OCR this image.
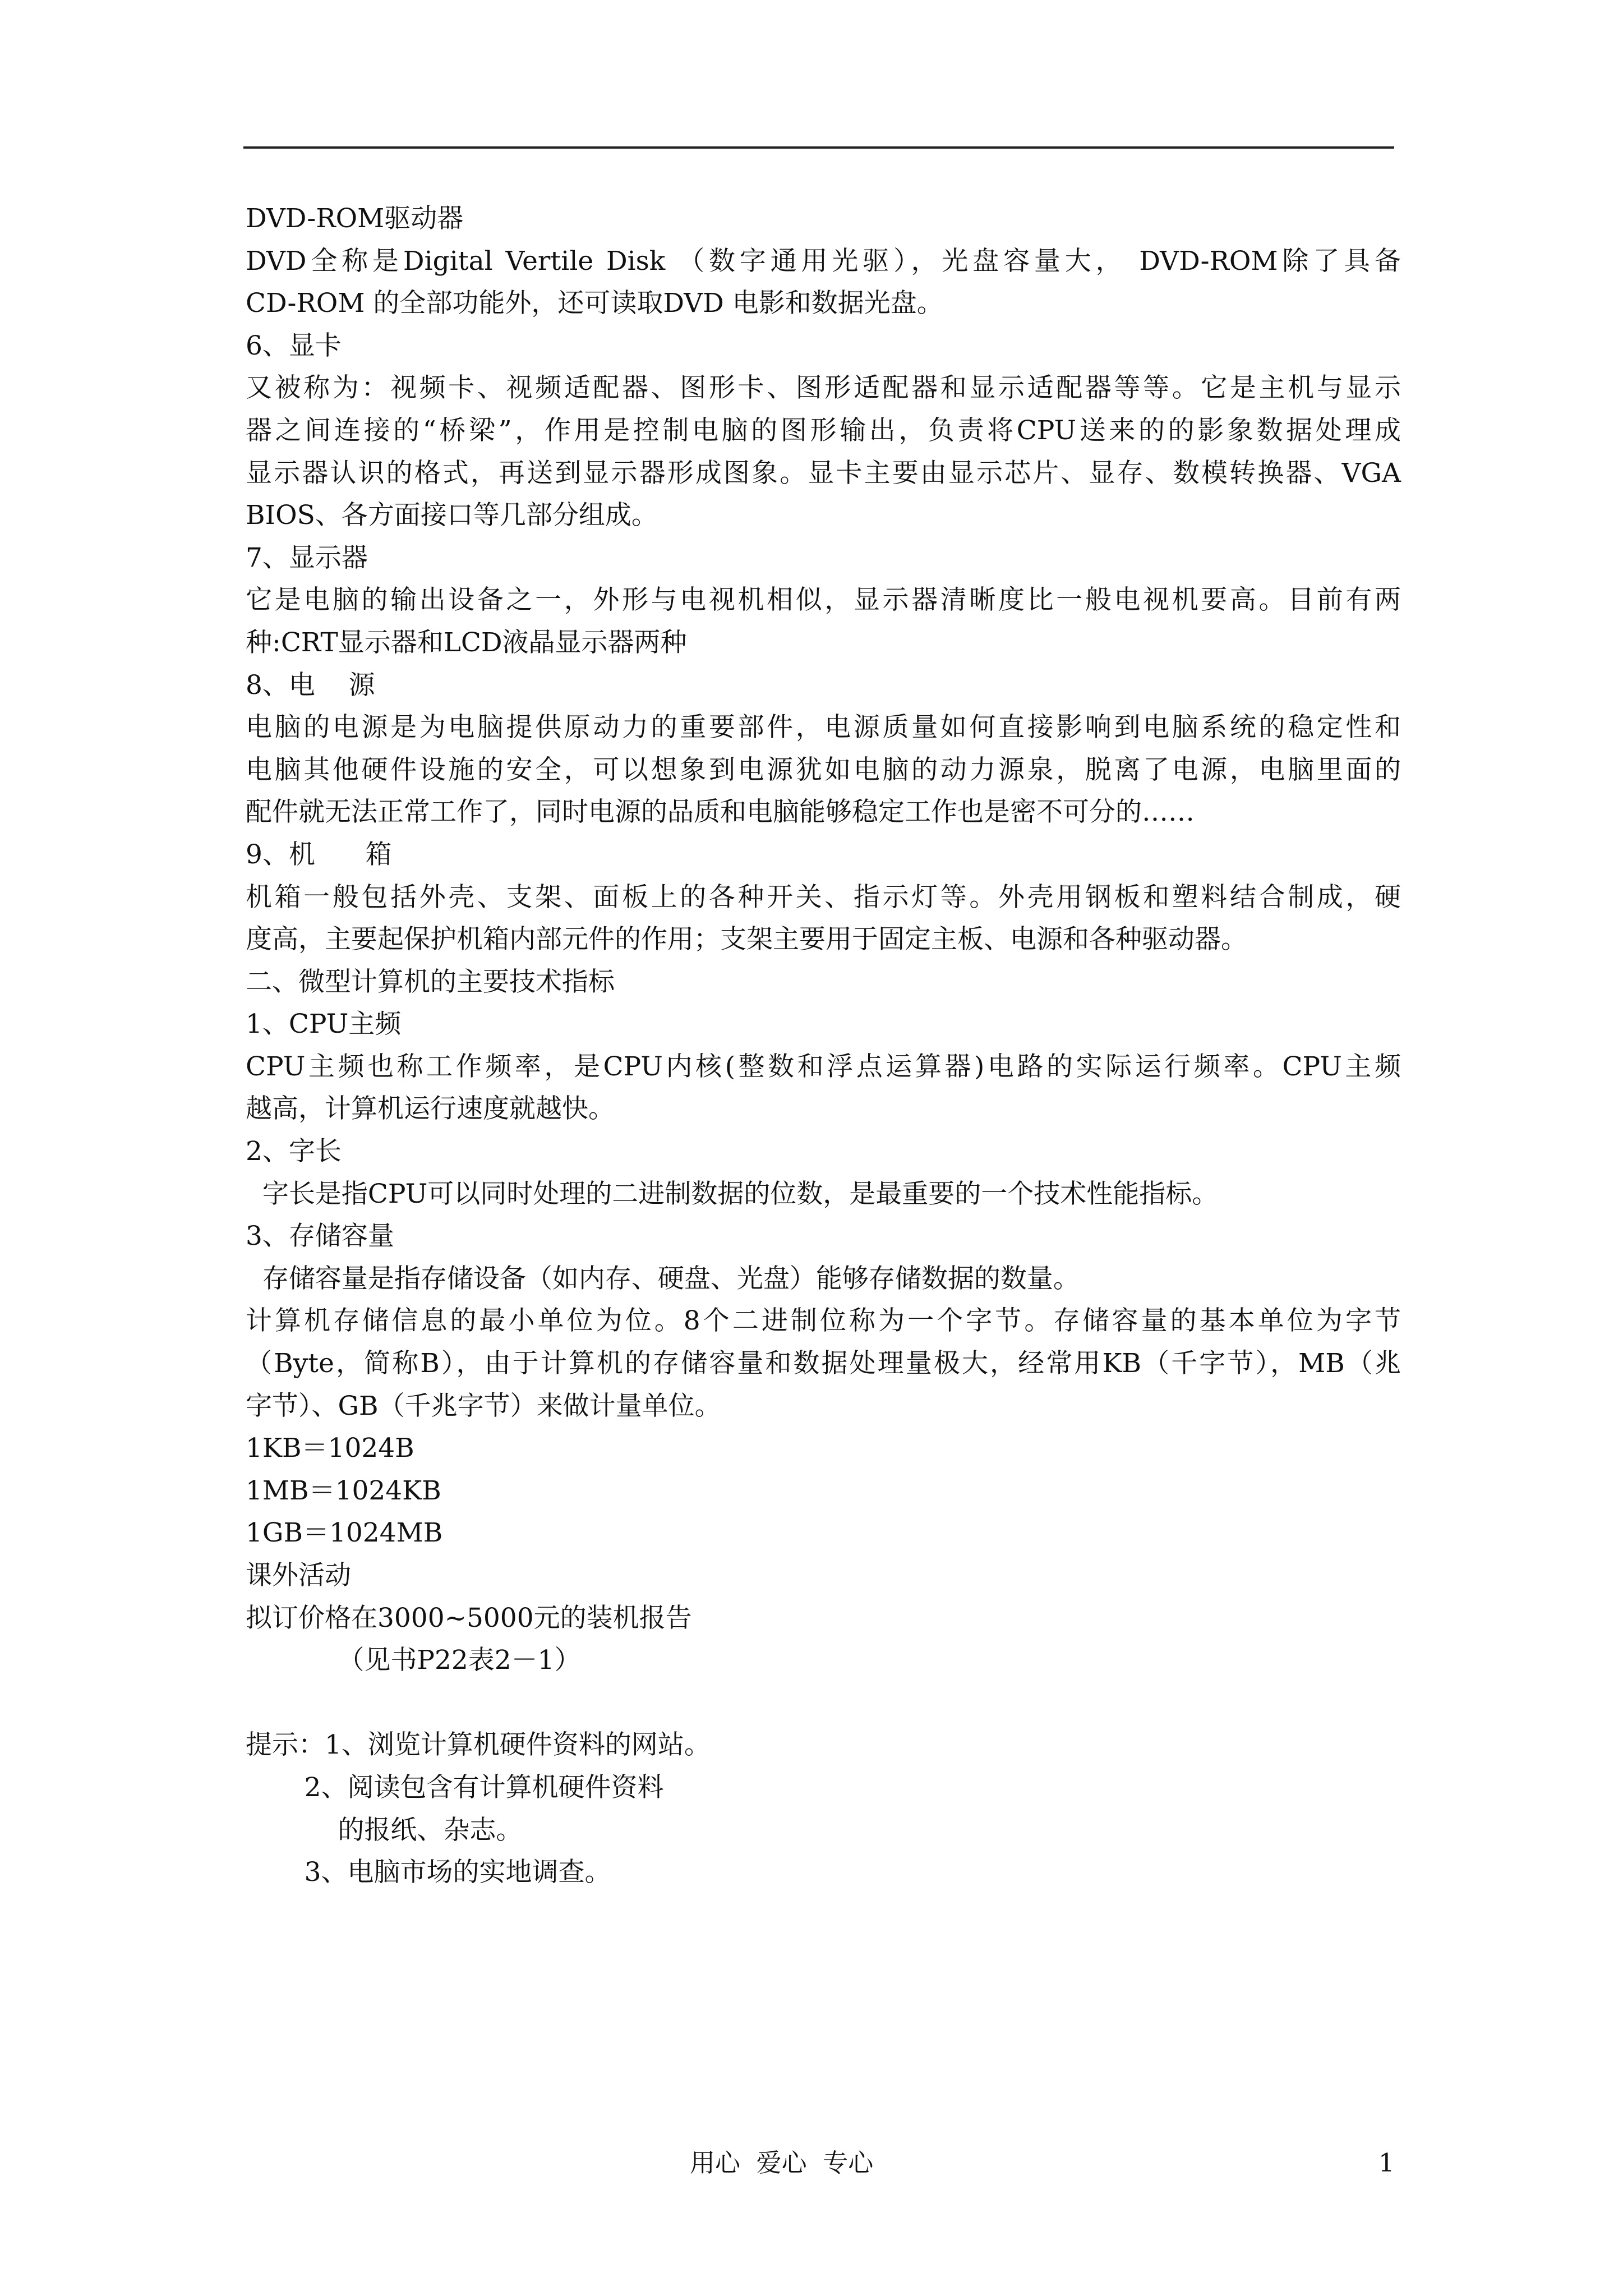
DVD-ROM驱动器
DVD全称是Digital Vertile Disk （数字通用光驱），光盘容量大， DVD-ROM除了具备
CD-ROM 的全部功能外，还可读取DVD 电影和数据光盘。
6、显卡
又被称为：视频卡、视频适配器、图形卡、图形适配器和显示适配器等等。它是主机与显示
器之间连接的“桥梁”，作用是控制电脑的图形输出，负责将CPU送来的的影象数据处理成
显示器认识的格式，再送到显示器形成图象。显卡主要由显示芯片、显存、数模转换器、VGA
BIOS、各方面接口等几部分组成。
7、显示器
它是电脑的输出设备之一，外形与电视机相似，显示器清晰度比一般电视机要高。目前有两
种:CRT显示器和LCD液晶显示器两种
8、电    源
电脑的电源是为电脑提供原动力的重要部件，电源质量如何直接影响到电脑系统的稳定性和
电脑其他硬件设施的安全，可以想象到电源犹如电脑的动力源泉，脱离了电源，电脑里面的
配件就无法正常工作了，同时电源的品质和电脑能够稳定工作也是密不可分的……
9、机      箱
机箱一般包括外壳、支架、面板上的各种开关、指示灯等。外壳用钢板和塑料结合制成，硬
度高，主要起保护机箱内部元件的作用；支架主要用于固定主板、电源和各种驱动器。
二、微型计算机的主要技术指标
1、CPU主频
CPU主频也称工作频率，是CPU内核(整数和浮点运算器)电路的实际运行频率。CPU主频
越高，计算机运行速度就越快。
2、字长
字长是指CPU可以同时处理的二进制数据的位数，是最重要的一个技术性能指标。
3、存储容量
存储容量是指存储设备（如内存、硬盘、光盘）能够存储数据的数量。
计算机存储信息的最小单位为位。8个二进制位称为一个字节。存储容量的基本单位为字节
（Byte，简称B），由于计算机的存储容量和数据处理量极大，经常用KB（千字节），MB（兆
字节）、GB（千兆字节）来做计量单位。
1KB＝1024B
1MB＝1024KB
1GB＝1024MB
课外活动
拟订价格在3000~5000元的装机报告
（见书P22表2－1）
提示：1、浏览计算机硬件资料的网站。
2、阅读包含有计算机硬件资料
的报纸、杂志。
3、电脑市场的实地调查。
用心  爱心  专心	1
